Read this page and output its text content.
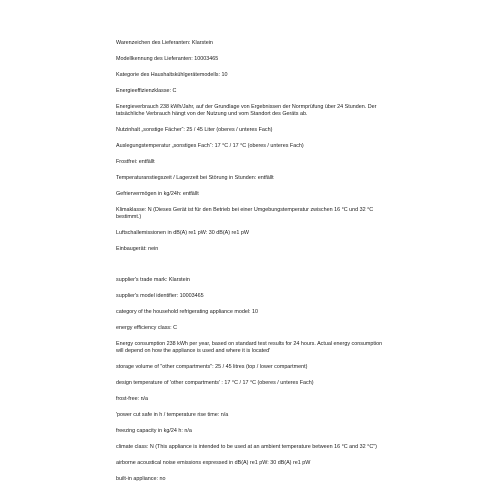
Warenzeichen des Lieferanten: Klarstein

Modellkennung des Lieferanten: 10003465

Kategorie des Haushaltskühlgerätemodells: 10

Energieeffizienzklasse: C

Energieverbrauch 238 kWh/Jahr, auf der Grundlage von Ergebnissen der Normprüfung über 24 Stunden. Der tatsächliche Verbrauch hängt von der Nutzung und vom Standort des Geräts ab.

Nutzinhalt „sonstige Fächer“: 25 / 45 Liter (oberes / unteres Fach)

Auslegungstemperatur „sonstiges Fach“: 17 °C / 17 °C (oberes / unteres Fach)

Frostfrei: entfällt

Temperaturanstiegszeit / Lagerzeit bei Störung in Stunden: entfällt

Gefriervermögen in kg/24h: entfällt

Klimaklasse: N (Dieses Gerät ist für den Betrieb bei einer Umgebungstemperatur zwischen 16 °C und 32 °C bestimmt.)

Luftschallemissionen in dB(A) re1 pW: 30 dB(A) re1 pW

Einbaugerät: nein

supplier's trade mark: Klarstein

supplier's model identifier: 10003465

category of the household refrigerating appliance model: 10

energy efficiency class: C

Energy consumption 238 kWh per year, based on standard test results for 24 hours. Actual energy consumption will depend on how the appliance is used and where it is located'

storage volume of "other compartments": 25 / 45 litres (top / lower compartment)

design temperature of 'other compartments' : 17 °C / 17 °C (oberes / unteres Fach)

frost-free: n/a

'power cut safe in h / temperature rise time: n/a

freezing capacity in kg/24 h: n/a

climate class: N (This appliance is intended to be used at an ambient temperature between 16 °C and 32 °C")

airborne acoustical noise emissions expressed in dB(A) re1 pW: 30 dB(A) re1 pW

built-in appliance: no
